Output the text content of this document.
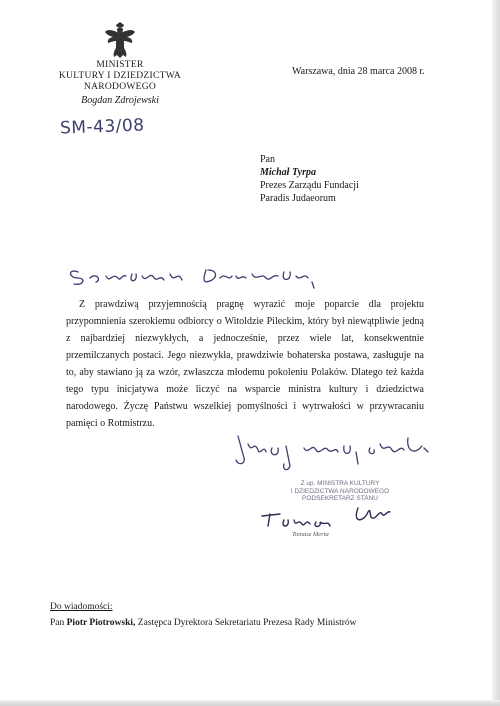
MINISTER
KULTURY I DZIEDZICTWA NARODOWEGO
Bogdan Zdrojewski
Warszawa, dnia 28 marca 2008 r.
SM-43/08
Pan
Michał Tyrpa
Prezes Zarządu Fundacji
Paradis Judaeorum

Z prawdziwą przyjemnością pragnę wyrazić moje poparcie dla projektu przypomnienia szerokiemu odbiorcy o Witoldzie Pileckim, który był niewątpliwie jedną z najbardziej niezwykłych, a jednocześnie, przez wiele lat, konsekwentnie przemilczanych postaci. Jego niezwykła, prawdziwie bohaterska postawa, zasługuje na to, aby stawiano ją za wzór, zwłaszcza młodemu pokoleniu Polaków. Dlatego też każda tego typu inicjatywa może liczyć na wsparcie ministra kultury i dziedzictwa narodowego. Życzę Państwu wszelkiej pomyślności i wytrwałości w przywracaniu pamięci o Rotmistrzu.

Z up. MINISTRA KULTURY
I DZIEDZICTWA NARODOWEGO
PODSEKRETARZ STANU
Tomasz Merta
Do wiadomości:
Pan Piotr Piotrowski, Zastępca Dyrektora Sekretariatu Prezesa Rady Ministrów
